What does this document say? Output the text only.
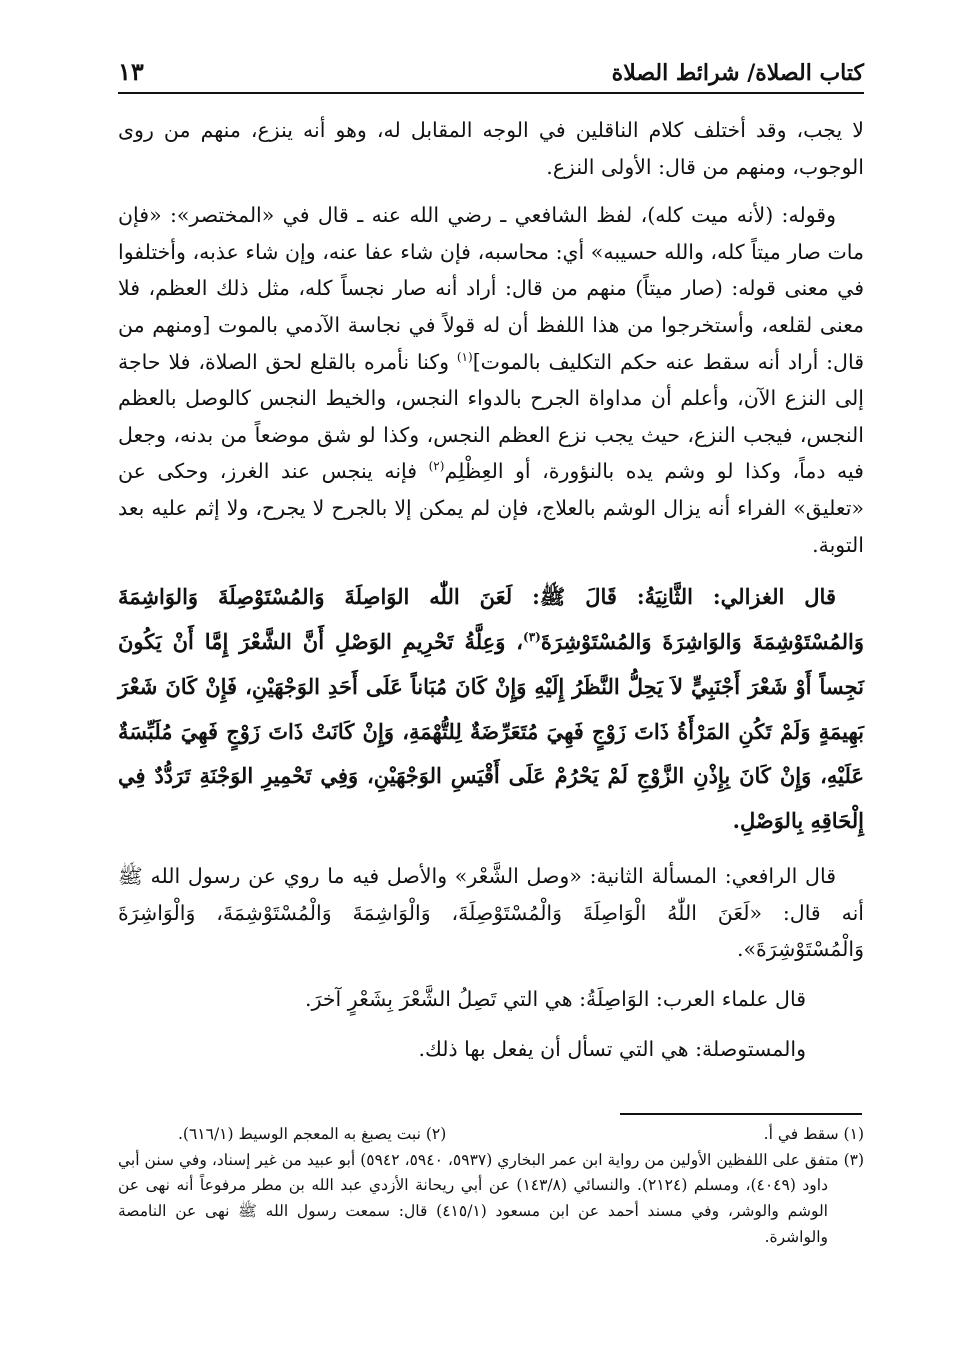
كتاب الصلاة/ شرائط الصلاة
١٣

لا يجب، وقد أختلف كلام الناقلين في الوجه المقابل له، وهو أنه ينزع، منهم من روى الوجوب، ومنهم من قال: الأولى النزع.

وقوله: (لأنه ميت كله)، لفظ الشافعي ـ رضي الله عنه ـ قال في «المختصر»: «فإن مات صار ميتاً كله، والله حسيبه» أي: محاسبه، فإن شاء عفا عنه، وإن شاء عذبه، وأختلفوا في معنى قوله: (صار ميتاً) منهم من قال: أراد أنه صار نجساً كله، مثل ذلك العظم، فلا معنى لقلعه، وأستخرجوا من هذا اللفظ أن له قولاً في نجاسة الآدمي بالموت [ومنهم من قال: أراد أنه سقط عنه حكم التكليف بالموت]$^{(١)}$ وكنا نأمره بالقلع لحق الصلاة، فلا حاجة إلى النزع الآن، وأعلم أن مداواة الجرح بالدواء النجس، والخيط النجس كالوصل بالعظم النجس، فيجب النزع، حيث يجب نزع العظم النجس، وكذا لو شق موضعاً من بدنه، وجعل فيه دماً، وكذا لو وشم يده بالنؤورة، أو العِظْلِم$^{(٢)}$ فإنه ينجس عند الغرز، وحكى عن «تعليق» الفراء أنه يزال الوشم بالعلاج، فإن لم يمكن إلا بالجرح لا يجرح، ولا إثم عليه بعد التوبة.

قال الغزالي: الثَّانِيَةُ: قَالَ ﷺ: لَعَنَ اللّٰه الوَاصِلَةَ وَالمُسْتَوْصِلَةَ وَالوَاشِمَةَ وَالمُسْتَوْشِمَةَ وَالوَاشِرَةَ وَالمُسْتَوْشِرَةَ$^{(٣)}$، وَعِلَّةُ تَحْرِيمِ الوَصْلِ أَنَّ الشَّعْرَ إِمَّا أَنْ يَكُونَ نَجِساً أَوْ شَعْرَ أَجْنَبِيٍّ لاَ يَحِلُّ النَّظَرُ إِلَيْهِ وَإِنْ كَانَ مُبَاناً عَلَى أَحَدِ الوَجْهَيْنِ، فَإِنْ كَانَ شَعْرَ بَهِيمَةٍ وَلَمْ تَكُنِ المَرْأَةُ ذَاتَ زَوْجٍ فَهِيَ مُتَعَرِّضَةٌ لِلتُّهْمَةِ، وَإِنْ كَانَتْ ذَاتَ زَوْجٍ فَهِيَ مُلَبِّسَةٌ عَلَيْهِ، وَإِنْ كَانَ بِإِذْنِ الزَّوْجِ لَمْ يَحْرُمْ عَلَى أَقْيَسِ الوَجْهَيْنِ، وَفِي تَحْمِيرِ الوَجْنَةِ تَرَدُّدٌ فِي إِلْحَاقِهِ بِالوَصْلِ.

قال الرافعي: المسألة الثانية: «وصل الشَّعْر» والأصل فيه ما روي عن رسول الله ﷺ أنه قال: «لَعَنَ اللّٰهُ الْوَاصِلَةَ وَالْمُسْتَوْصِلَةَ، وَالْوَاشِمَةَ وَالْمُسْتَوْشِمَةَ، وَالْوَاشِرَةَ وَالْمُسْتَوْشِرَةَ».

قال علماء العرب: الوَاصِلَةُ: هي التي تَصِلُ الشَّعْرَ بِشَعْرٍ آخرَ.

والمستوصلة: هي التي تسأل أن يفعل بها ذلك.

(١) سقط في أ.

(٢) نبت يصبغ به المعجم الوسيط (٦١٦/١).

(٣) متفق على اللفظين الأولين من رواية ابن عمر البخاري (٥٩٣٧، ٥٩٤٠، ٥٩٤٢) أبو عبيد من غير إسناد، وفي سنن أبي داود (٤٠٤٩)، ومسلم (٢١٢٤). والنسائي (١٤٣/٨) عن أبي ريحانة الأزدي عبد الله بن مطر مرفوعاً أنه نهى عن الوشم والوشر، وفي مسند أحمد عن ابن مسعود (٤١٥/١) قال: سمعت رسول الله ﷺ نهى عن النامصة والواشرة.
